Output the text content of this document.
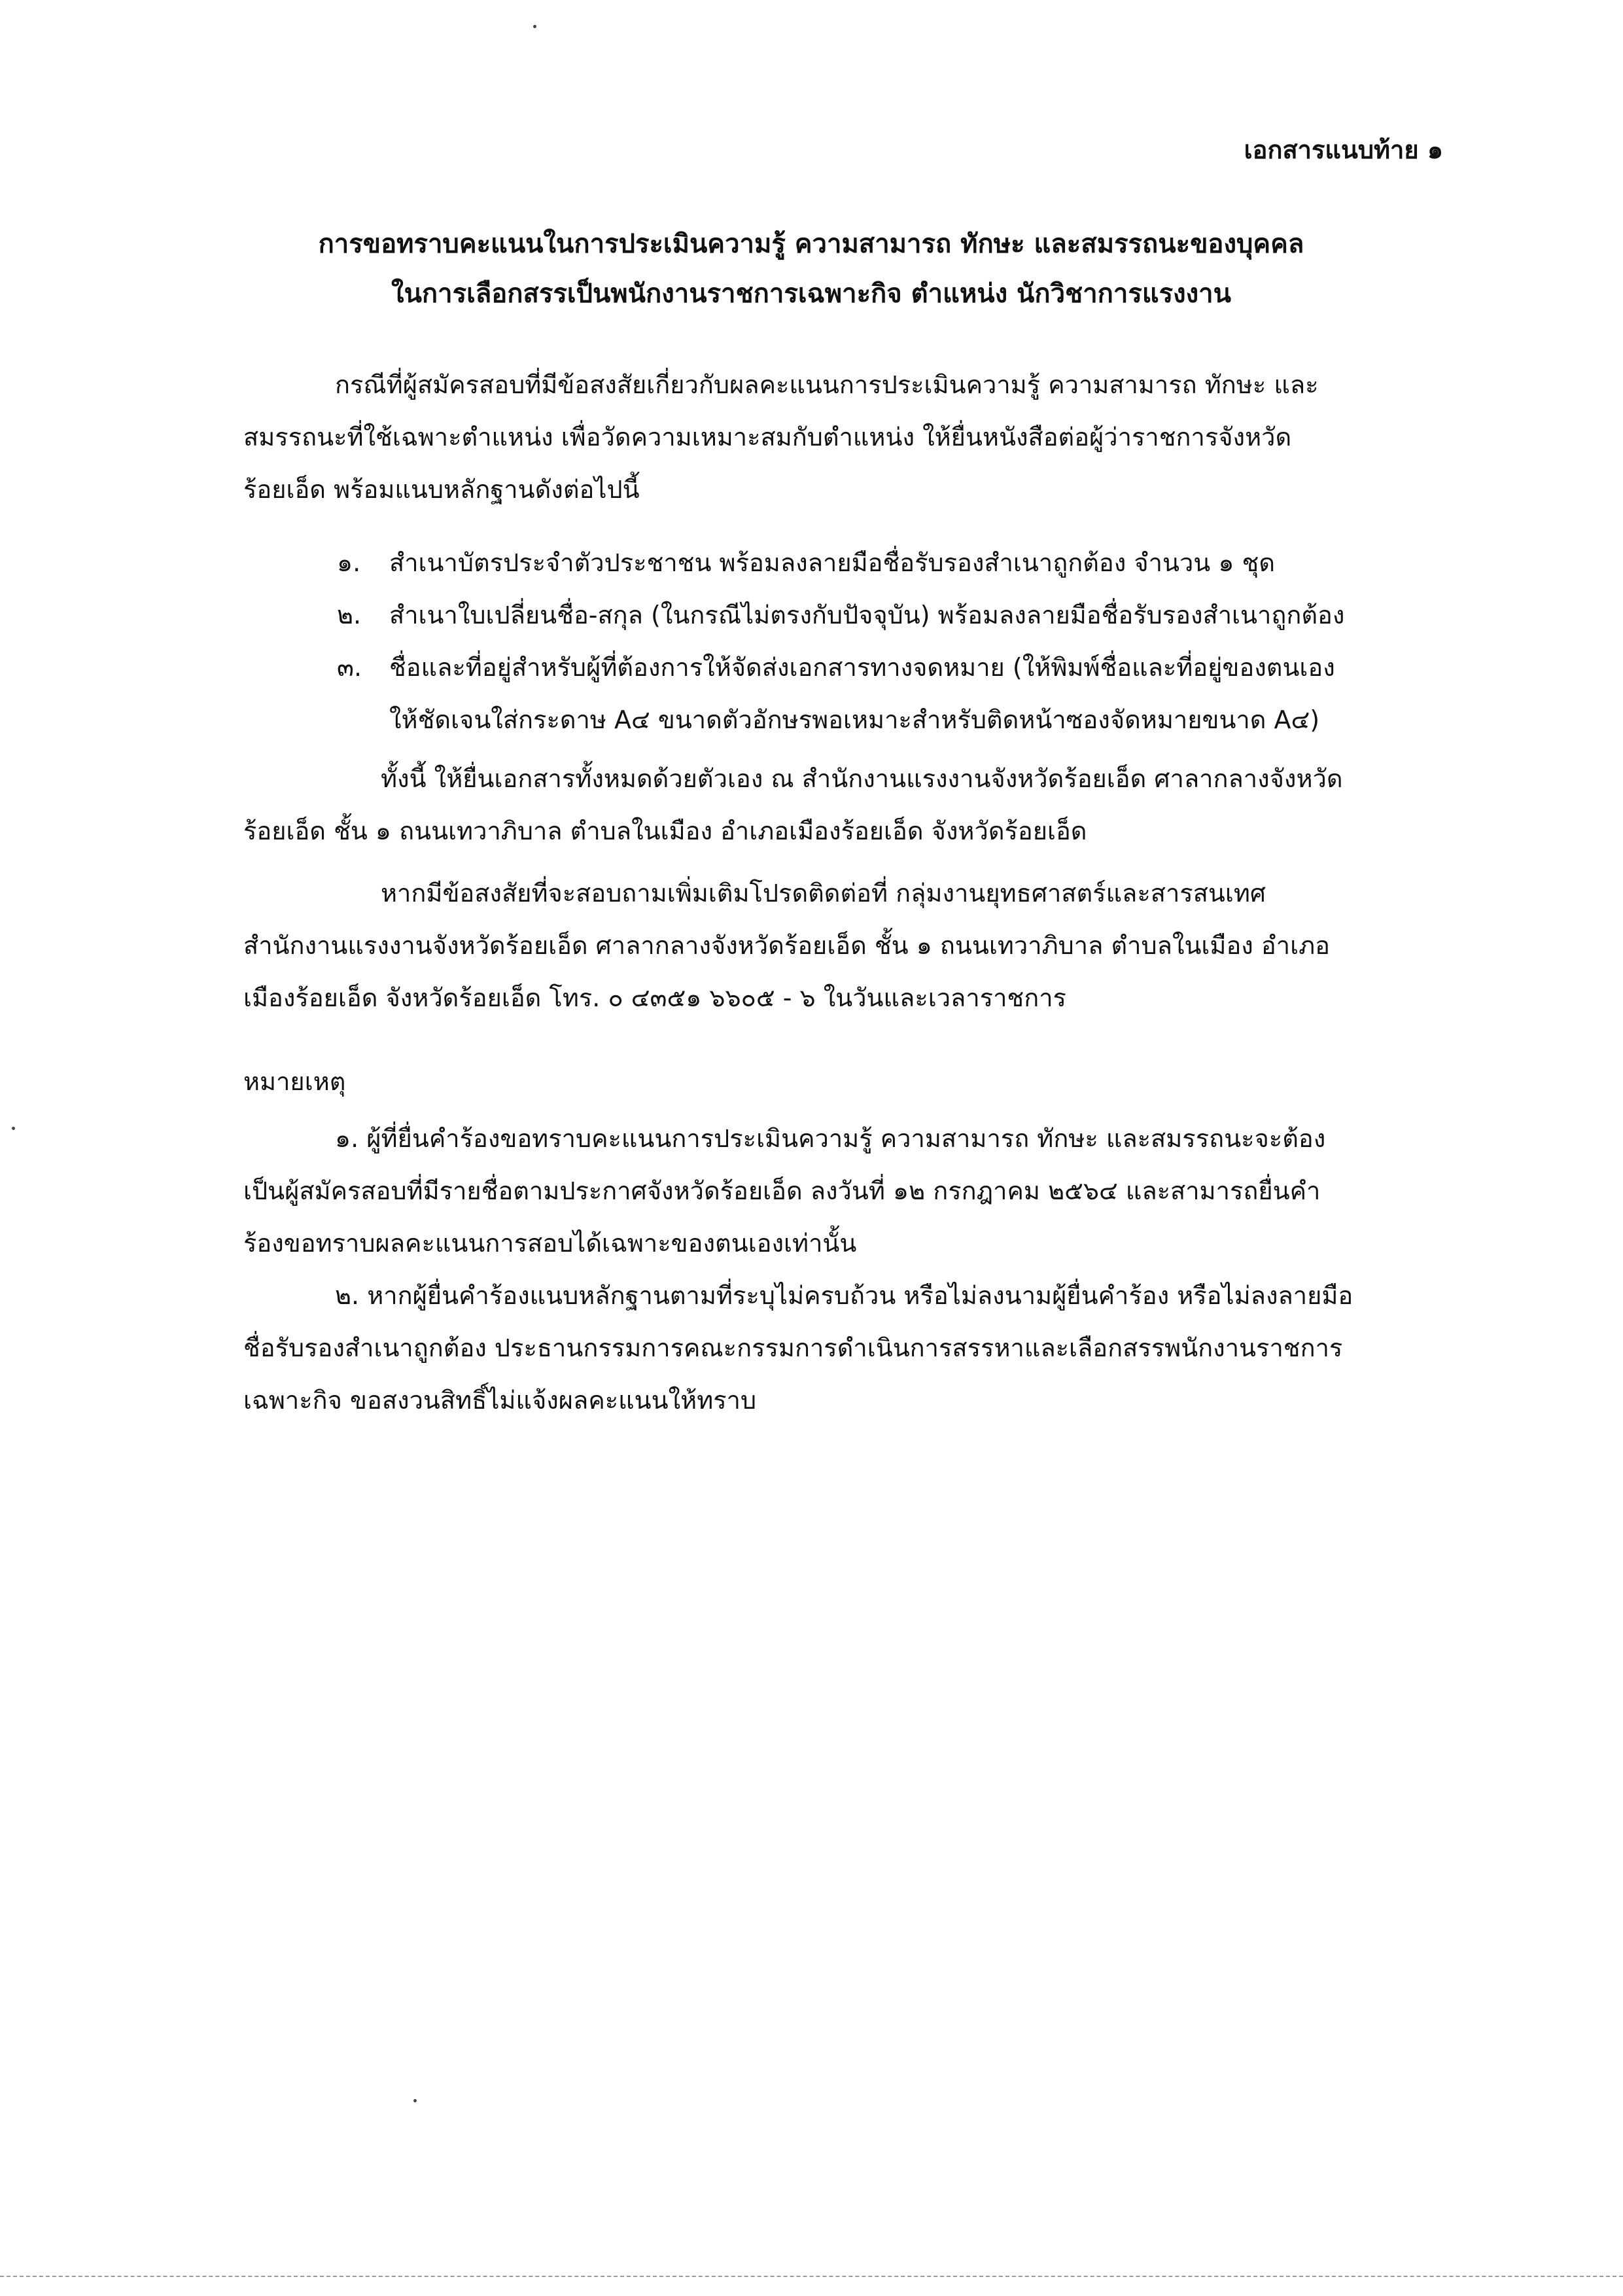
เอกสารแนบท้าย ๑
การขอทราบคะแนนในการประเมินความรู้ ความสามารถ ทักษะ และสมรรถนะของบุคคล
ในการเลือกสรรเป็นพนักงานราชการเฉพาะกิจ ตำแหน่ง นักวิชาการแรงงาน
กรณีที่ผู้สมัครสอบที่มีข้อสงสัยเกี่ยวกับผลคะแนนการประเมินความรู้ ความสามารถ ทักษะ และ
สมรรถนะที่ใช้เฉพาะตำแหน่ง เพื่อวัดความเหมาะสมกับตำแหน่ง ให้ยื่นหนังสือต่อผู้ว่าราชการจังหวัด
ร้อยเอ็ด พร้อมแนบหลักฐานดังต่อไปนี้
๑.	สำเนาบัตรประจำตัวประชาชน พร้อมลงลายมือชื่อรับรองสำเนาถูกต้อง จำนวน ๑ ชุด
๒.	สำเนาใบเปลี่ยนชื่อ-สกุล (ในกรณีไม่ตรงกับปัจจุบัน) พร้อมลงลายมือชื่อรับรองสำเนาถูกต้อง
๓.	ชื่อและที่อยู่สำหรับผู้ที่ต้องการให้จัดส่งเอกสารทางจดหมาย (ให้พิมพ์ชื่อและที่อยู่ของตนเอง
ให้ชัดเจนใส่กระดาษ A๔ ขนาดตัวอักษรพอเหมาะสำหรับติดหน้าซองจัดหมายขนาด A๔)
ทั้งนี้ ให้ยื่นเอกสารทั้งหมดด้วยตัวเอง ณ สำนักงานแรงงานจังหวัดร้อยเอ็ด ศาลากลางจังหวัด
ร้อยเอ็ด ชั้น ๑ ถนนเทวาภิบาล ตำบลในเมือง อำเภอเมืองร้อยเอ็ด จังหวัดร้อยเอ็ด
หากมีข้อสงสัยที่จะสอบถามเพิ่มเติมโปรดติดต่อที่ กลุ่มงานยุทธศาสตร์และสารสนเทศ
สำนักงานแรงงานจังหวัดร้อยเอ็ด ศาลากลางจังหวัดร้อยเอ็ด ชั้น ๑ ถนนเทวาภิบาล ตำบลในเมือง อำเภอ
เมืองร้อยเอ็ด จังหวัดร้อยเอ็ด โทร. ๐ ๔๓๕๑ ๖๖๐๕ - ๖ ในวันและเวลาราชการ
หมายเหตุ
๑. ผู้ที่ยื่นคำร้องขอทราบคะแนนการประเมินความรู้ ความสามารถ ทักษะ และสมรรถนะจะต้อง
เป็นผู้สมัครสอบที่มีรายชื่อตามประกาศจังหวัดร้อยเอ็ด ลงวันที่ ๑๒ กรกฎาคม ๒๕๖๔ และสามารถยื่นคำ
ร้องขอทราบผลคะแนนการสอบได้เฉพาะของตนเองเท่านั้น
๒. หากผู้ยื่นคำร้องแนบหลักฐานตามที่ระบุไม่ครบถ้วน หรือไม่ลงนามผู้ยื่นคำร้อง หรือไม่ลงลายมือ
ชื่อรับรองสำเนาถูกต้อง ประธานกรรมการคณะกรรมการดำเนินการสรรหาและเลือกสรรพนักงานราชการ
เฉพาะกิจ ขอสงวนสิทธิ์ไม่แจ้งผลคะแนนให้ทราบ
